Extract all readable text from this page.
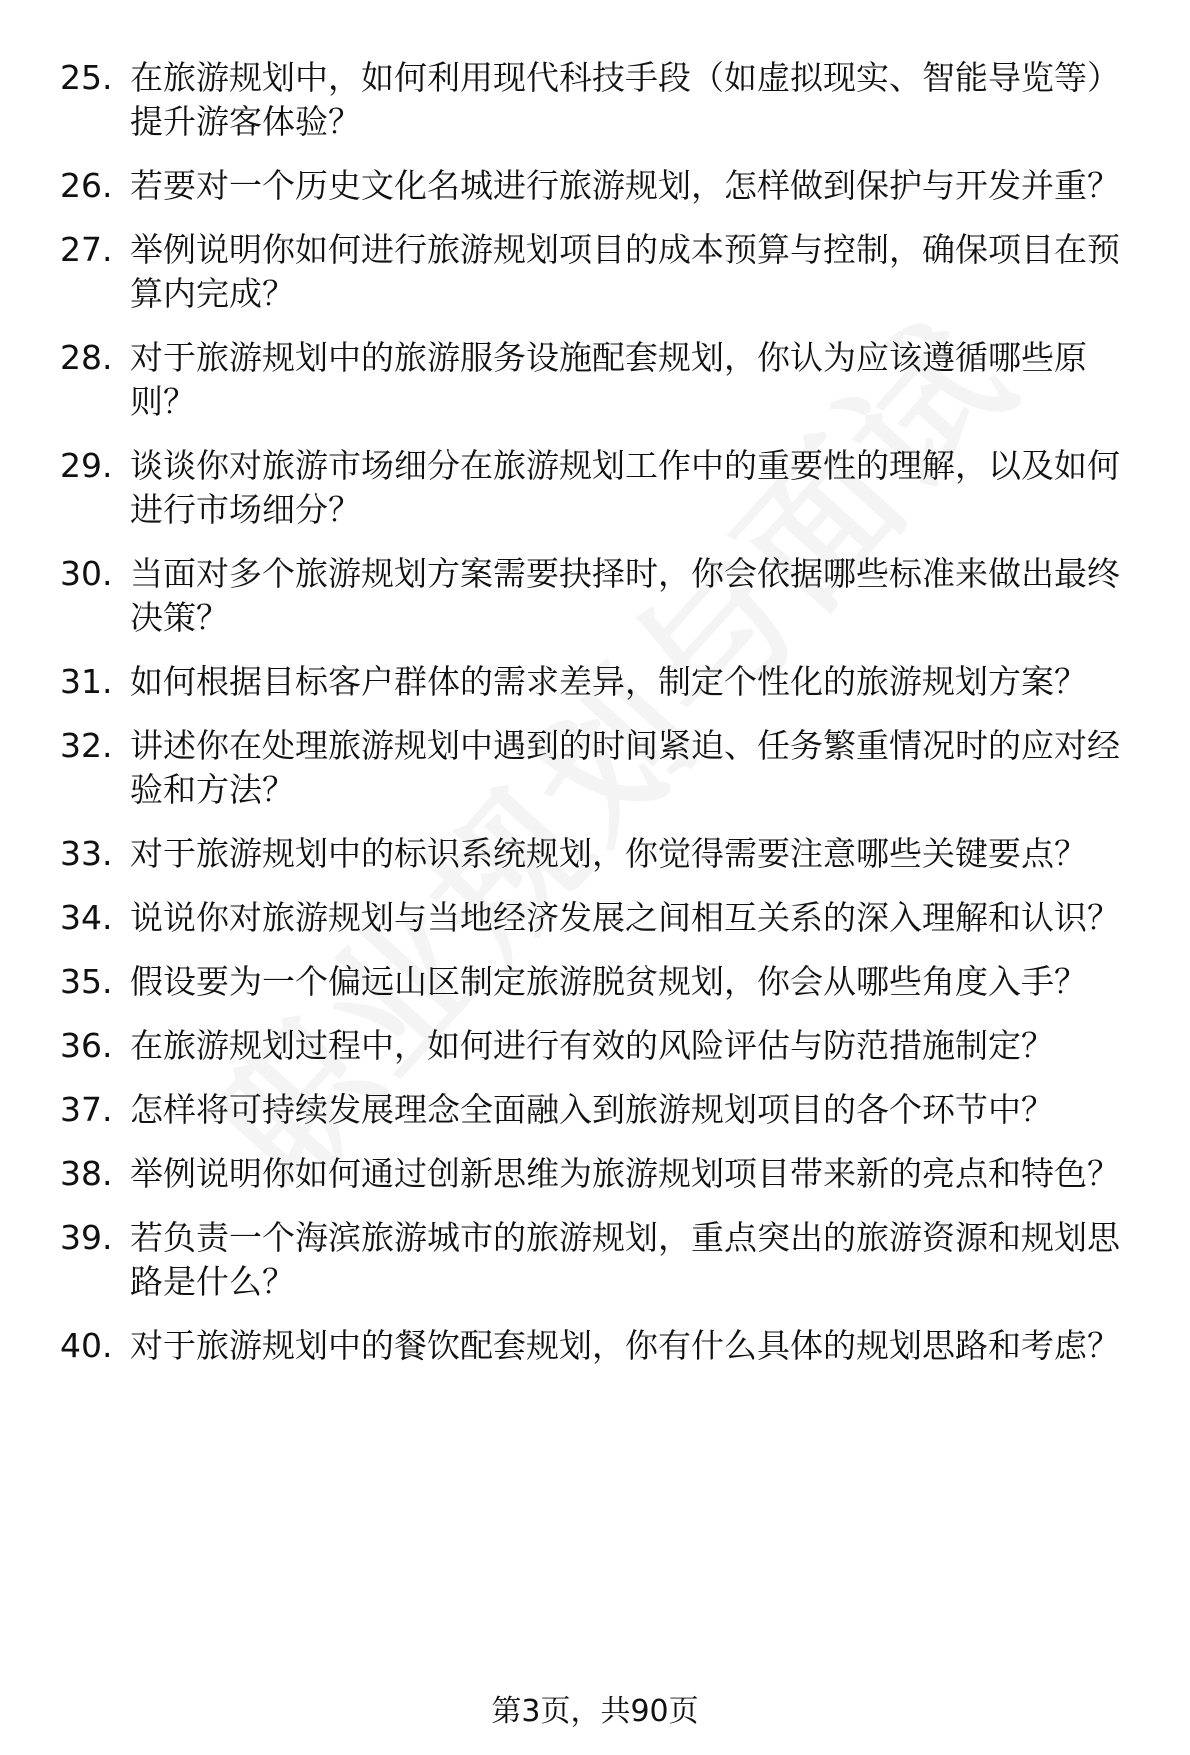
25. 在旅游规划中，如何利用现代科技手段（如虚拟现实、智能导览等）提升游客体验？
26. 若要对一个历史文化名城进行旅游规划，怎样做到保护与开发并重？
27. 举例说明你如何进行旅游规划项目的成本预算与控制，确保项目在预算内完成？
28. 对于旅游规划中的旅游服务设施配套规划，你认为应该遵循哪些原则？
29. 谈谈你对旅游市场细分在旅游规划工作中的重要性的理解，以及如何进行市场细分？
30. 当面对多个旅游规划方案需要抉择时，你会依据哪些标准来做出最终决策？
31. 如何根据目标客户群体的需求差异，制定个性化的旅游规划方案？
32. 讲述你在处理旅游规划中遇到的时间紧迫、任务繁重情况时的应对经验和方法？
33. 对于旅游规划中的标识系统规划，你觉得需要注意哪些关键要点？
34. 说说你对旅游规划与当地经济发展之间相互关系的深入理解和认识？
35. 假设要为一个偏远山区制定旅游脱贫规划，你会从哪些角度入手？
36. 在旅游规划过程中，如何进行有效的风险评估与防范措施制定？
37. 怎样将可持续发展理念全面融入到旅游规划项目的各个环节中？
38. 举例说明你如何通过创新思维为旅游规划项目带来新的亮点和特色？
39. 若负责一个海滨旅游城市的旅游规划，重点突出的旅游资源和规划思路是什么？
40. 对于旅游规划中的餐饮配套规划，你有什么具体的规划思路和考虑？
第3页，共90页
